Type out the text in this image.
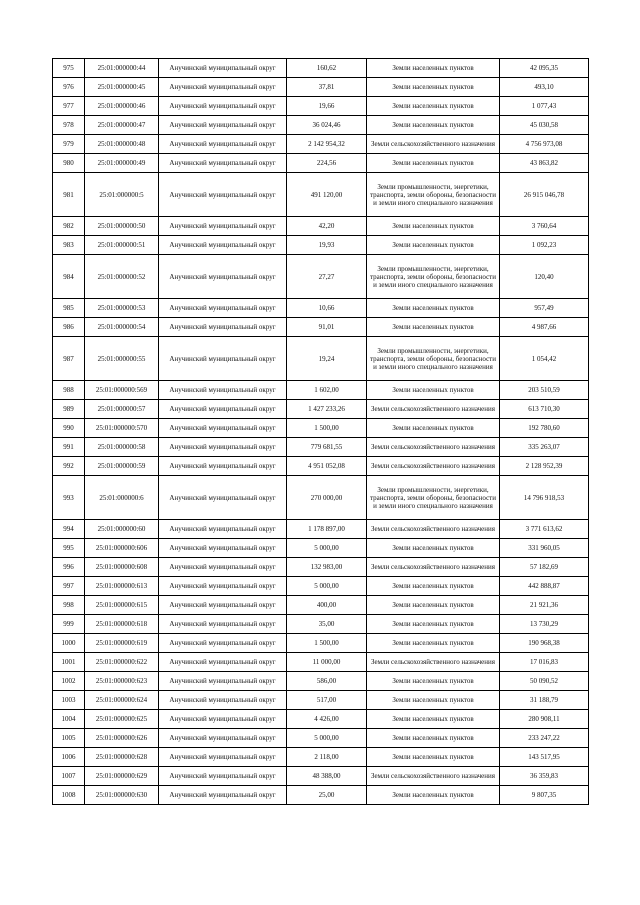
975	25:01:000000:44	Анучинский муниципальный округ	160,62	Земли населенных пунктов	42 095,35
976	25:01:000000:45	Анучинский муниципальный округ	37,81	Земли населенных пунктов	493,10
977	25:01:000000:46	Анучинский муниципальный округ	19,66	Земли населенных пунктов	1 077,43
978	25:01:000000:47	Анучинский муниципальный округ	36 024,46	Земли населенных пунктов	45 030,58
979	25:01:000000:48	Анучинский муниципальный округ	2 142 954,32	Земли сельскохозяйственного назначения	4 756 973,08
980	25:01:000000:49	Анучинский муниципальный округ	224,56	Земли населенных пунктов	43 863,82
981	25:01:000000:5	Анучинский муниципальный округ	491 120,00	Земли промышленности, энергетики, транспорта, земли обороны, безопасности и земли иного специального назначения	26 915 046,78
982	25:01:000000:50	Анучинский муниципальный округ	42,20	Земли населенных пунктов	3 760,64
983	25:01:000000:51	Анучинский муниципальный округ	19,93	Земли населенных пунктов	1 092,23
984	25:01:000000:52	Анучинский муниципальный округ	27,27	Земли промышленности, энергетики, транспорта, земли обороны, безопасности и земли иного специального назначения	120,40
985	25:01:000000:53	Анучинский муниципальный округ	10,66	Земли населенных пунктов	957,49
986	25:01:000000:54	Анучинский муниципальный округ	91,01	Земли населенных пунктов	4 987,66
987	25:01:000000:55	Анучинский муниципальный округ	19,24	Земли промышленности, энергетики, транспорта, земли обороны, безопасности и земли иного специального назначения	1 054,42
988	25:01:000000:569	Анучинский муниципальный округ	1 602,00	Земли населенных пунктов	203 510,59
989	25:01:000000:57	Анучинский муниципальный округ	1 427 233,26	Земли сельскохозяйственного назначения	613 710,30
990	25:01:000000:570	Анучинский муниципальный округ	1 500,00	Земли населенных пунктов	192 780,60
991	25:01:000000:58	Анучинский муниципальный округ	779 681,55	Земли сельскохозяйственного назначения	335 263,07
992	25:01:000000:59	Анучинский муниципальный округ	4 951 052,08	Земли сельскохозяйственного назначения	2 128 952,39
993	25:01:000000:6	Анучинский муниципальный округ	270 000,00	Земли промышленности, энергетики, транспорта, земли обороны, безопасности и земли иного специального назначения	14 796 918,53
994	25:01:000000:60	Анучинский муниципальный округ	1 178 897,00	Земли сельскохозяйственного назначения	3 771 613,62
995	25:01:000000:606	Анучинский муниципальный округ	5 000,00	Земли населенных пунктов	331 960,05
996	25:01:000000:608	Анучинский муниципальный округ	132 983,00	Земли сельскохозяйственного назначения	57 182,69
997	25:01:000000:613	Анучинский муниципальный округ	5 000,00	Земли населенных пунктов	442 888,87
998	25:01:000000:615	Анучинский муниципальный округ	400,00	Земли населенных пунктов	21 921,36
999	25:01:000000:618	Анучинский муниципальный округ	35,00	Земли населенных пунктов	13 730,29
1000	25:01:000000:619	Анучинский муниципальный округ	1 500,00	Земли населенных пунктов	190 968,38
1001	25:01:000000:622	Анучинский муниципальный округ	11 000,00	Земли сельскохозяйственного назначения	17 016,83
1002	25:01:000000:623	Анучинский муниципальный округ	586,00	Земли населенных пунктов	50 090,52
1003	25:01:000000:624	Анучинский муниципальный округ	517,00	Земли населенных пунктов	31 188,79
1004	25:01:000000:625	Анучинский муниципальный округ	4 426,00	Земли населенных пунктов	280 908,11
1005	25:01:000000:626	Анучинский муниципальный округ	5 000,00	Земли населенных пунктов	233 247,22
1006	25:01:000000:628	Анучинский муниципальный округ	2 118,00	Земли населенных пунктов	143 517,95
1007	25:01:000000:629	Анучинский муниципальный округ	48 388,00	Земли сельскохозяйственного назначения	36 359,83
1008	25:01:000000:630	Анучинский муниципальный округ	25,00	Земли населенных пунктов	9 807,35
